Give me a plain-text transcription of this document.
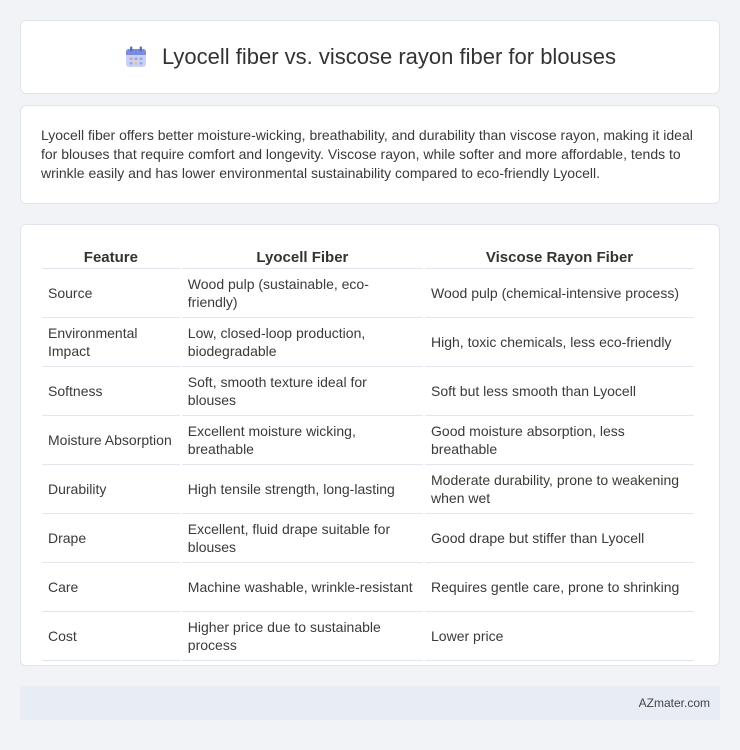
Lyocell fiber vs. viscose rayon fiber for blouses

Lyocell fiber offers better moisture-wicking, breathability, and durability than viscose rayon, making it ideal for blouses that require comfort and longevity. Viscose rayon, while softer and more affordable, tends to wrinkle easily and has lower environmental sustainability compared to eco-friendly Lyocell.

Feature	Lyocell Fiber	Viscose Rayon Fiber
Source	Wood pulp (sustainable, eco-friendly)	Wood pulp (chemical-intensive process)
Environmental Impact	Low, closed-loop production, biodegradable	High, toxic chemicals, less eco-friendly
Softness	Soft, smooth texture ideal for blouses	Soft but less smooth than Lyocell
Moisture Absorption	Excellent moisture wicking, breathable	Good moisture absorption, less breathable
Durability	High tensile strength, long-lasting	Moderate durability, prone to weakening when wet
Drape	Excellent, fluid drape suitable for blouses	Good drape but stiffer than Lyocell
Care	Machine washable, wrinkle-resistant	Requires gentle care, prone to shrinking
Cost	Higher price due to sustainable process	Lower price
AZmater.com
